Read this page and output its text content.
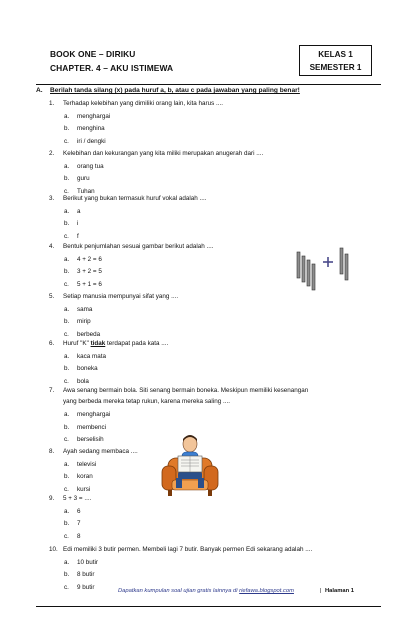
BOOK ONE – DIRIKU
CHAPTER. 4 – AKU ISTIMEWA
KELAS 1
SEMESTER 1
A. Berilah tanda silang (x) pada huruf a, b, atau c pada jawaban yang paling benar!
1. Terhadap kelebihan yang dimiliki orang lain, kita harus ....
a. menghargai
b. menghina
c. iri / dengki
2. Kelebihan dan kekurangan yang kita miliki merupakan anugerah dari ....
a. orang tua
b. guru
c. Tuhan
3. Berikut yang bukan termasuk huruf vokal adalah ....
a. a
b. i
c. f
4. Bentuk penjumlahan sesuai gambar berikut adalah ....
a. 4 + 2 = 6
b. 3 + 2 = 5
c. 5 + 1 = 6
5. Setiap manusia mempunyai sifat yang ....
a. sama
b. mirip
c. berbeda
6. Huruf "K" tidak terdapat pada kata ....
a. kaca mata
b. boneka
c. bola
7. Awa senang bermain bola. Siti senang bermain boneka. Meskipun memiliki kesenangan
yang berbeda mereka tetap rukun, karena mereka saling ....
a. menghargai
b. membenci
c. berselisih
8. Ayah sedang membaca ....
a. televisi
b. koran
c. kursi
9. 5 + 3 = ....
a. 6
b. 7
c. 8
10. Edi memiliki 3 butir permen. Membeli lagi 7 butir. Banyak permen Edi sekarang adalah ....
a. 10 butir
b. 8 butir
c. 9 butir
Dapatkan kumpulan soal ujian gratis lainnya di riefawa.blogspot.com	| Halaman 1
